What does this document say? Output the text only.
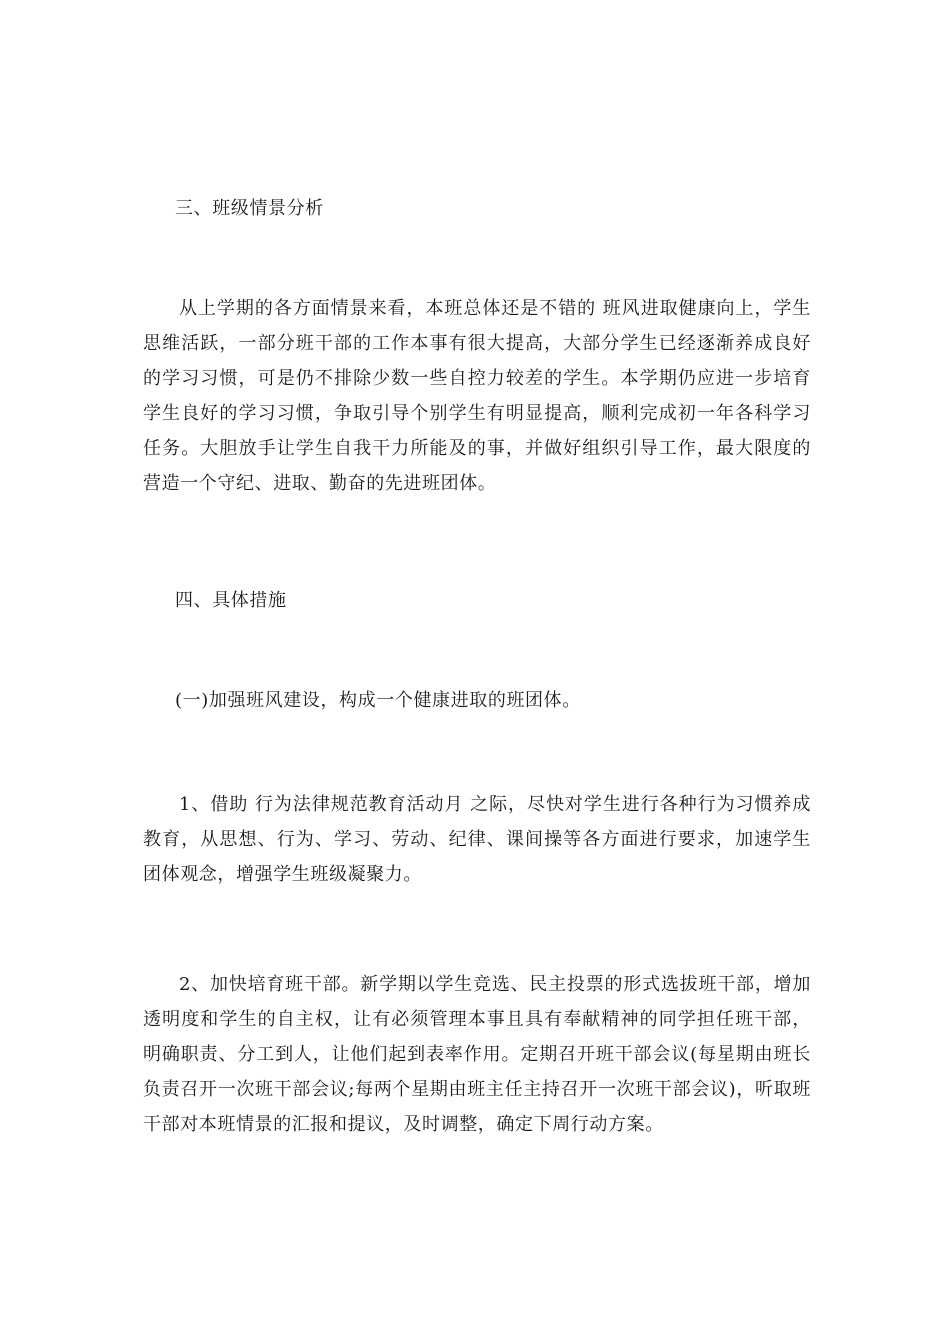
三、班级情景分析
从上学期的各方面情景来看，本班总体还是不错的 班风进取健康向上，学生思维活跃，一部分班干部的工作本事有很大提高，大部分学生已经逐渐养成良好的学习习惯，可是仍不排除少数一些自控力较差的学生。本学期仍应进一步培育学生良好的学习习惯，争取引导个别学生有明显提高，顺利完成初一年各科学习任务。大胆放手让学生自我干力所能及的事，并做好组织引导工作，最大限度的营造一个守纪、进取、勤奋的先进班团体。
四、具体措施
(一)加强班风建设，构成一个健康进取的班团体。
1、借助 行为法律规范教育活动月 之际，尽快对学生进行各种行为习惯养成教育，从思想、行为、学习、劳动、纪律、课间操等各方面进行要求，加速学生团体观念，增强学生班级凝聚力。
2、加快培育班干部。新学期以学生竞选、民主投票的形式选拔班干部，增加透明度和学生的自主权，让有必须管理本事且具有奉献精神的同学担任班干部，明确职责、分工到人，让他们起到表率作用。定期召开班干部会议(每星期由班长负责召开一次班干部会议;每两个星期由班主任主持召开一次班干部会议)，听取班干部对本班情景的汇报和提议，及时调整，确定下周行动方案。
